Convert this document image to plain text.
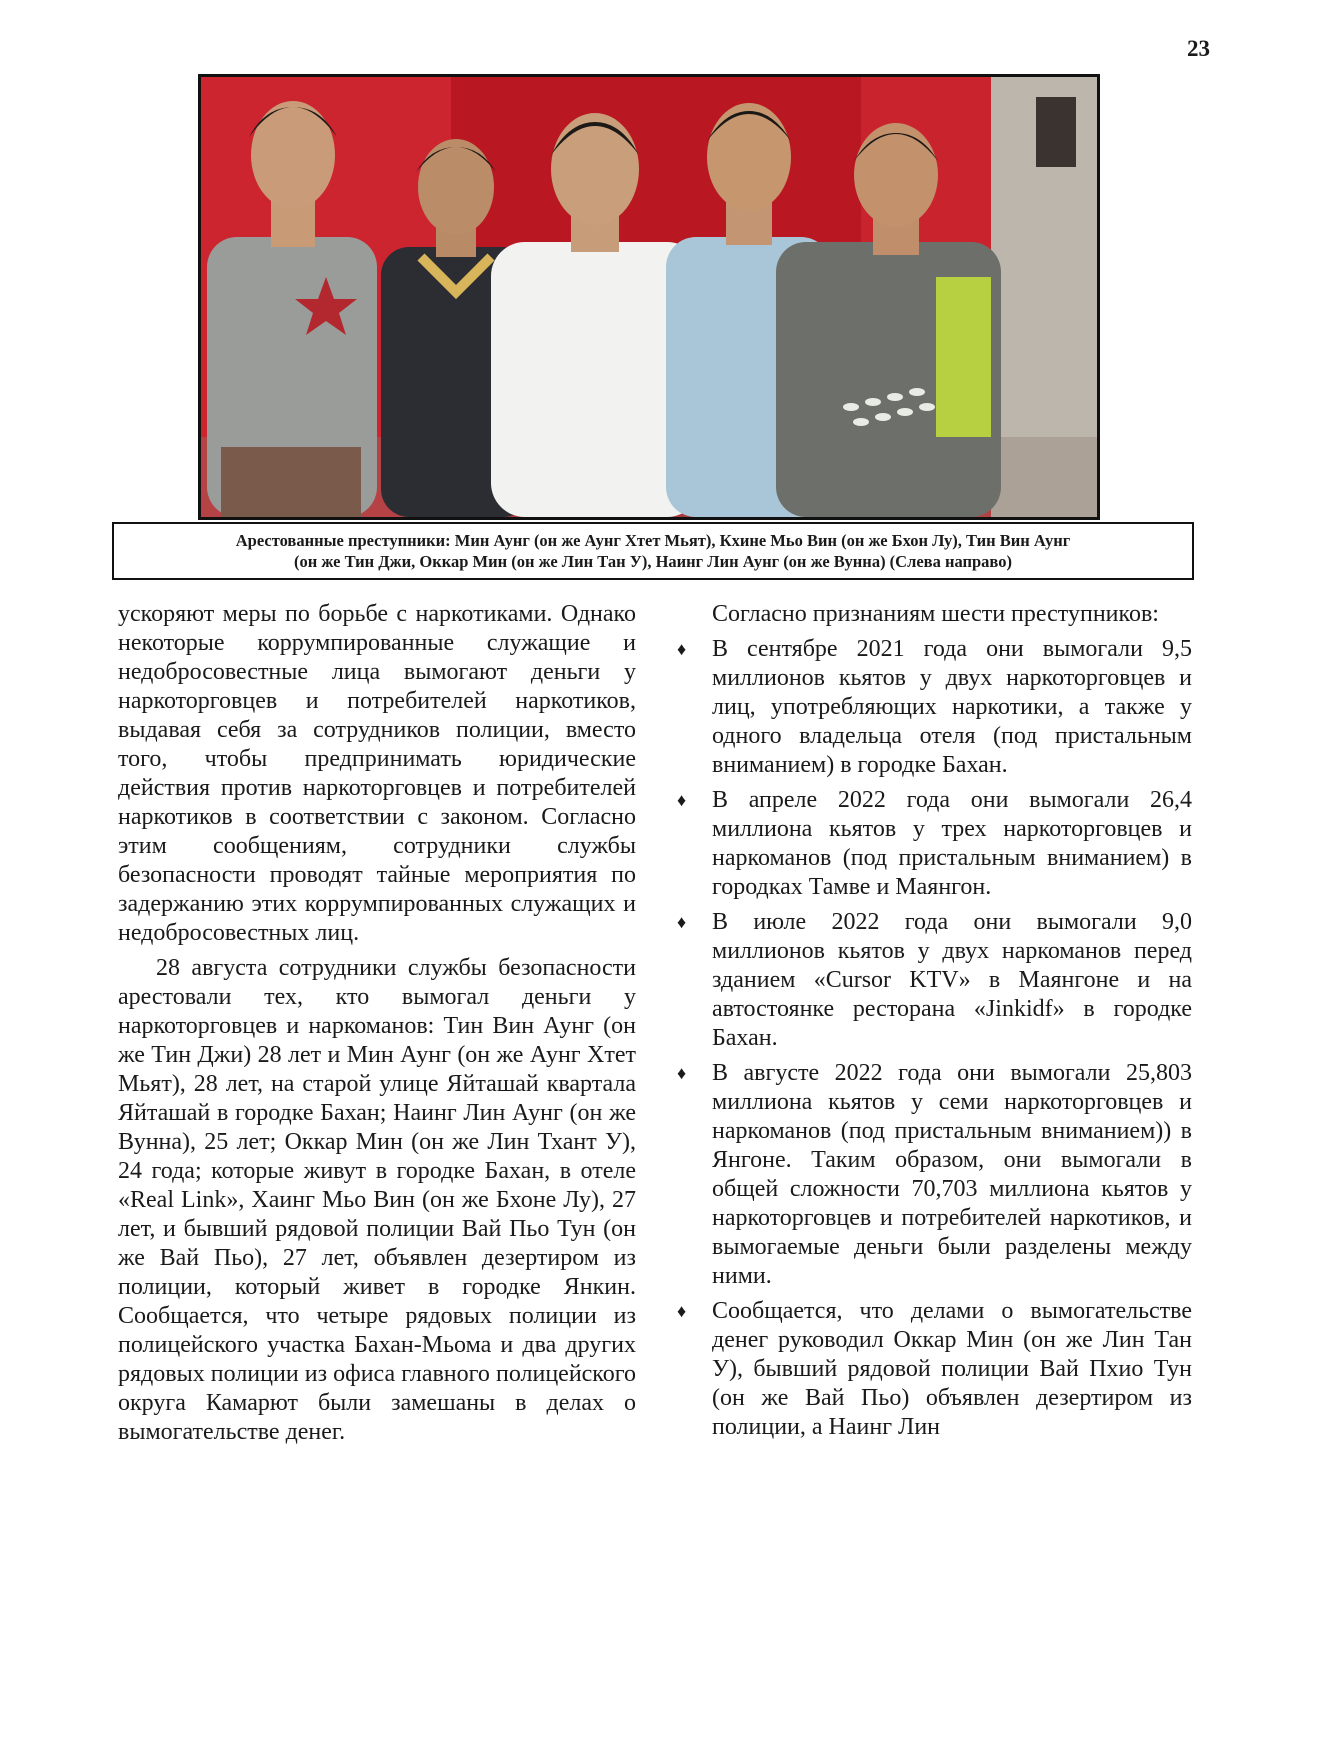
23
Арестованные преступники: Мин Аунг (он же Аунг Хтет Мьят), Кхине Мьо Вин (он же Бхон Лу), Тин Вин Аунг
(он же Тин Джи, Оккар Мин (он же Лин Тан У), Наинг Лин Аунг (он же Вунна) (Слева направо)

ускоряют меры по борьбе с наркотиками. Однако некоторые коррумпированные служащие и недобросовестные лица вымогают деньги у наркоторговцев и потребителей наркотиков, выдавая себя за сотрудников полиции, вместо того, чтобы предпринимать юридические действия против наркоторговцев и потребителей наркотиков в соответствии с законом. Согласно этим сообщениям, сотрудники службы безопасности проводят тайные мероприятия по задержанию этих коррумпированных служащих и недобросовестных лиц.

28 августа сотрудники службы безопасности арестовали тех, кто вымогал деньги у наркоторговцев и наркоманов: Тин Вин Аунг (он же Тин Джи) 28 лет и Мин Аунг (он же Аунг Хтет Мьят), 28 лет, на старой улице Яйташай квартала Яйташай в городке Бахан; Наинг Лин Аунг (он же Вунна), 25 лет; Оккар Мин (он же Лин Тхант У), 24 года; которые живут в городке Бахан, в отеле «Real Link», Хаинг Мьо Вин (он же Бхоне Лу), 27 лет, и бывший рядовой полиции Вай Пьо Тун (он же Вай Пьо), 27 лет, объявлен дезертиром из полиции, который живет в городке Янкин. Сообщается, что четыре рядовых полиции из полицейского участка Бахан-Мьома и два других рядовых полиции из офиса главного полицейского округа Камарют были замешаны в делах о вымогательстве денег.

Согласно признаниям шести преступников:

♦ В сентябре 2021 года они вымогали 9,5 миллионов кьятов у двух наркоторговцев и лиц, употребляющих наркотики, а также у одного владельца отеля (под пристальным вниманием) в городке Бахан.
♦ В апреле 2022 года они вымогали 26,4 миллиона кьятов у трех наркоторговцев и наркоманов (под пристальным вниманием) в городках Тамве и Маянгон.
♦ В июле 2022 года они вымогали 9,0 миллионов кьятов у двух наркоманов перед зданием «Cursor KTV» в Маянгоне и на автостоянке ресторана «Jinkidf» в городке Бахан.
♦ В августе 2022 года они вымогали 25,803 миллиона кьятов у семи наркоторговцев и наркоманов (под пристальным вниманием)) в Янгоне. Таким образом, они вымогали в общей сложности 70,703 миллиона кьятов у наркоторговцев и потребителей наркотиков, и вымогаемые деньги были разделены между ними.
♦ Сообщается, что делами о вымогательстве денег руководил Оккар Мин (он же Лин Тан У), бывший рядовой полиции Вай Пхио Тун (он же Вай Пьо) объявлен дезертиром из полиции, а Наинг Лин
